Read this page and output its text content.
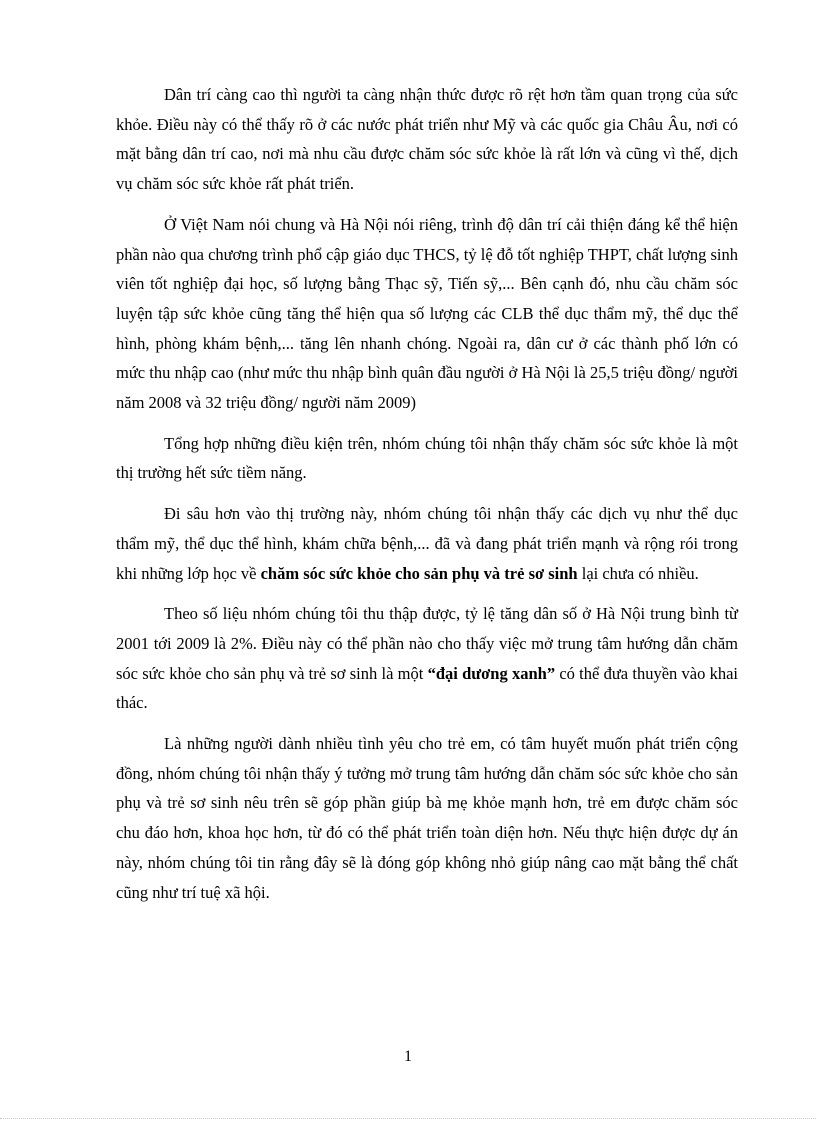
Dân trí càng cao thì người ta càng nhận thức được rõ rệt hơn tầm quan trọng của sức khỏe. Điều này có thể thấy rõ ở các nước phát triển như Mỹ và các quốc gia Châu Âu, nơi có mặt bằng dân trí cao, nơi mà nhu cầu được chăm sóc sức khỏe là rất lớn và cũng vì thế, dịch vụ chăm sóc sức khỏe rất phát triển.

Ở Việt Nam nói chung và Hà Nội nói riêng, trình độ dân trí cải thiện đáng kể thể hiện phần nào qua chương trình phổ cập giáo dục THCS, tỷ lệ đỗ tốt nghiệp THPT, chất lượng sinh viên tốt nghiệp đại học, số lượng bằng Thạc sỹ, Tiến sỹ,... Bên cạnh đó, nhu cầu chăm sóc luyện tập sức khỏe cũng tăng thể hiện qua số lượng các CLB thể dục thẩm mỹ, thể dục thể hình, phòng khám bệnh,... tăng lên nhanh chóng. Ngoài ra, dân cư ở các thành phố lớn có mức thu nhập cao (như mức thu nhập bình quân đầu người ở Hà Nội là 25,5 triệu đồng/ người năm 2008 và 32 triệu đồng/ người năm 2009)

Tổng hợp những điều kiện trên, nhóm chúng tôi nhận thấy chăm sóc sức khỏe là một thị trường hết sức tiềm năng.

Đi sâu hơn vào thị trường này, nhóm chúng tôi nhận thấy các dịch vụ như thể dục thẩm mỹ, thể dục thể hình, khám chữa bệnh,... đã và đang phát triển mạnh và rộng rói trong khi những lớp học về chăm sóc sức khỏe cho sản phụ và trẻ sơ sinh lại chưa có nhiều.

Theo số liệu nhóm chúng tôi thu thập được, tỷ lệ tăng dân số ở Hà Nội trung bình từ 2001 tới 2009 là 2%. Điều này có thể phần nào cho thấy việc mở trung tâm hướng dẫn chăm sóc sức khỏe cho sản phụ và trẻ sơ sinh là một “đại dương xanh” có thể đưa thuyền vào khai thác.

Là những người dành nhiều tình yêu cho trẻ em, có tâm huyết muốn phát triển cộng đồng, nhóm chúng tôi nhận thấy ý tưởng mở trung tâm hướng dẫn chăm sóc sức khỏe cho sản phụ và trẻ sơ sinh nêu trên sẽ góp phần giúp bà mẹ khỏe mạnh hơn, trẻ em được chăm sóc chu đáo hơn, khoa học hơn, từ đó có thể phát triển toàn diện hơn. Nếu thực hiện được dự án này, nhóm chúng tôi tin rằng đây sẽ là đóng góp không nhỏ giúp nâng cao mặt bằng thể chất cũng như trí tuệ xã hội.

1
